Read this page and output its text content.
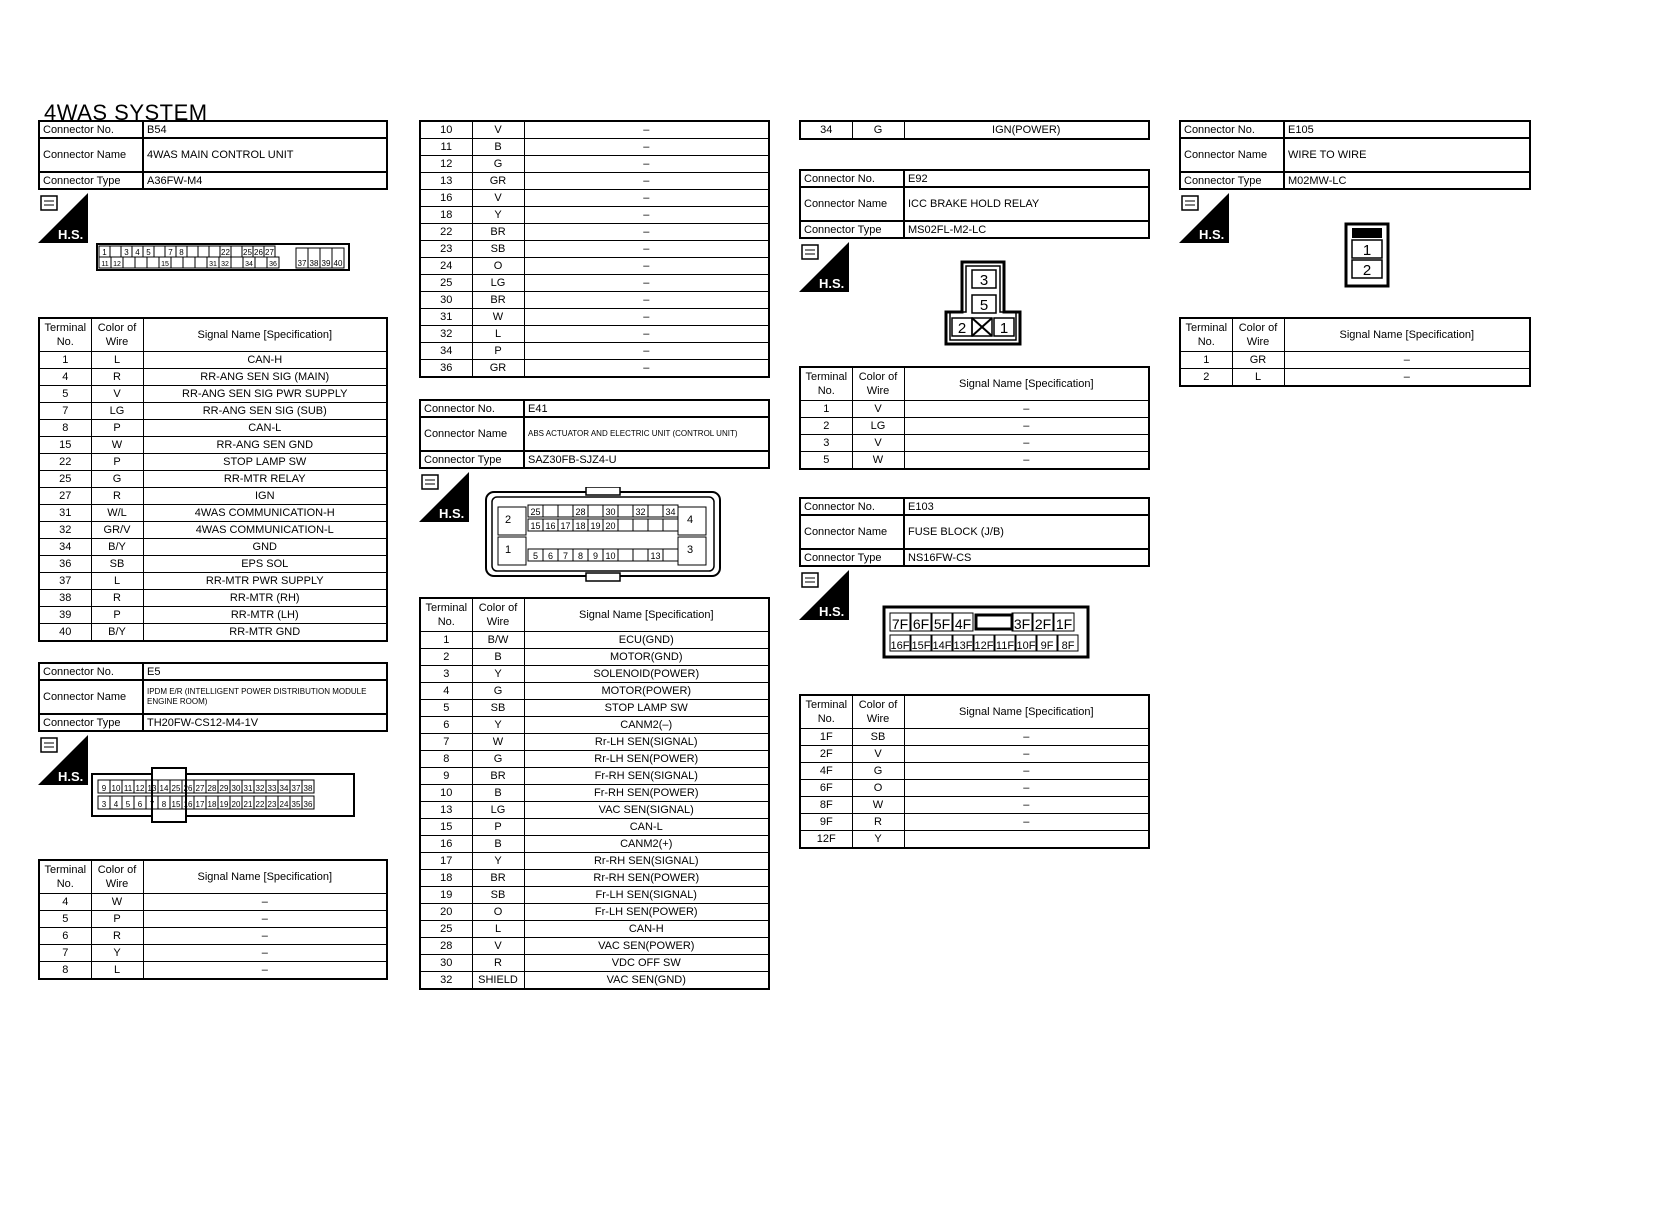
4WAS SYSTEM
Connector No.	B54
Connector Name	4WAS MAIN CONTROL UNIT
Connector Type	A36FW-M4
H.S.
1 3 4 5 7 8	22 25 26 27
11 12	15	31 32 34 36	37 38 39 40
Terminal No.	Color of Wire	Signal Name [Specification]
1	L	CAN-H
4	R	RR-ANG SEN SIG (MAIN)
5	V	RR-ANG SEN SIG PWR SUPPLY
7	LG	RR-ANG SEN SIG (SUB)
8	P	CAN-L
15	W	RR-ANG SEN GND
22	P	STOP LAMP SW
25	G	RR-MTR RELAY
27	R	IGN
31	W/L	4WAS COMMUNICATION-H
32	GR/V	4WAS COMMUNICATION-L
34	B/Y	GND
36	SB	EPS SOL
37	L	RR-MTR PWR SUPPLY
38	R	RR-MTR (RH)
39	P	RR-MTR (LH)
40	B/Y	RR-MTR GND
Connector No.	E5
Connector Name	IPDM E/R (INTELLIGENT POWER DISTRIBUTION MODULE ENGINE ROOM)
Connector Type	TH20FW-CS12-M4-1V
H.S.
9 10 11 12 13 14 25 26 27 28 29 30 31 32 33 34 37 38
3 4 5 6 7 8 15 16 17 18 19 20 21 22 23 24 35 36
Terminal No.	Color of Wire	Signal Name [Specification]
4	W	–
5	P	–
6	R	–
7	Y	–
8	L	–
10	V	–
11	B	–
12	G	–
13	GR	–
16	V	–
18	Y	–
22	BR	–
23	SB	–
24	O	–
25	LG	–
30	BR	–
31	W	–
32	L	–
34	P	–
36	GR	–
Connector No.	E41
Connector Name	ABS ACTUATOR AND ELECTRIC UNIT (CONTROL UNIT)
Connector Type	SAZ30FB-SJZ4-U
H.S.	25	28 30 32 34
15 16 17 18 19 20
5 6 7 8 9 10	13
2
1
4
3
Terminal No.	Color of Wire	Signal Name [Specification]
1	B/W	ECU(GND)
2	B	MOTOR(GND)
3	Y	SOLENOID(POWER)
4	G	MOTOR(POWER)
5	SB	STOP LAMP SW
6	Y	CANM2(–)
7	W	Rr-LH SEN(SIGNAL)
8	G	Rr-LH SEN(POWER)
9	BR	Fr-RH SEN(SIGNAL)
10	B	Fr-RH SEN(POWER)
13	LG	VAC SEN(SIGNAL)
15	P	CAN-L
16	B	CANM2(+)
17	Y	Rr-RH SEN(SIGNAL)
18	BR	Rr-RH SEN(POWER)
19	SB	Fr-LH SEN(SIGNAL)
20	O	Fr-LH SEN(POWER)
25	L	CAN-H
28	V	VAC SEN(POWER)
30	R	VDC OFF SW
32	SHIELD	VAC SEN(GND)
34	G	IGN(POWER)
Connector No.	E92
Connector Name	ICC BRAKE HOLD RELAY
Connector Type	MS02FL-M2-LC
H.S.	3
5
2 1
Terminal No.	Color of Wire	Signal Name [Specification]
1	V	–
2	LG	–
3	V	–
5	W	–
Connector No.	E103
Connector Name	FUSE BLOCK (J/B)
Connector Type	NS16FW-CS
H.S.
7F 6F 5F 4F	3F 2F 1F
16F 15F 14F 13F 12F 11F 10F 9F 8F
Terminal No.	Color of Wire	Signal Name [Specification]
1F	SB	–
2F	V	–
4F	G	–
6F	O	–
8F	W	–
9F	R	–
12F	Y	
Connector No.	E105
Connector Name	WIRE TO WIRE
Connector Type	M02MW-LC
H.S.
1
2
Terminal No.	Color of Wire	Signal Name [Specification]
1	GR	–
2	L	–
